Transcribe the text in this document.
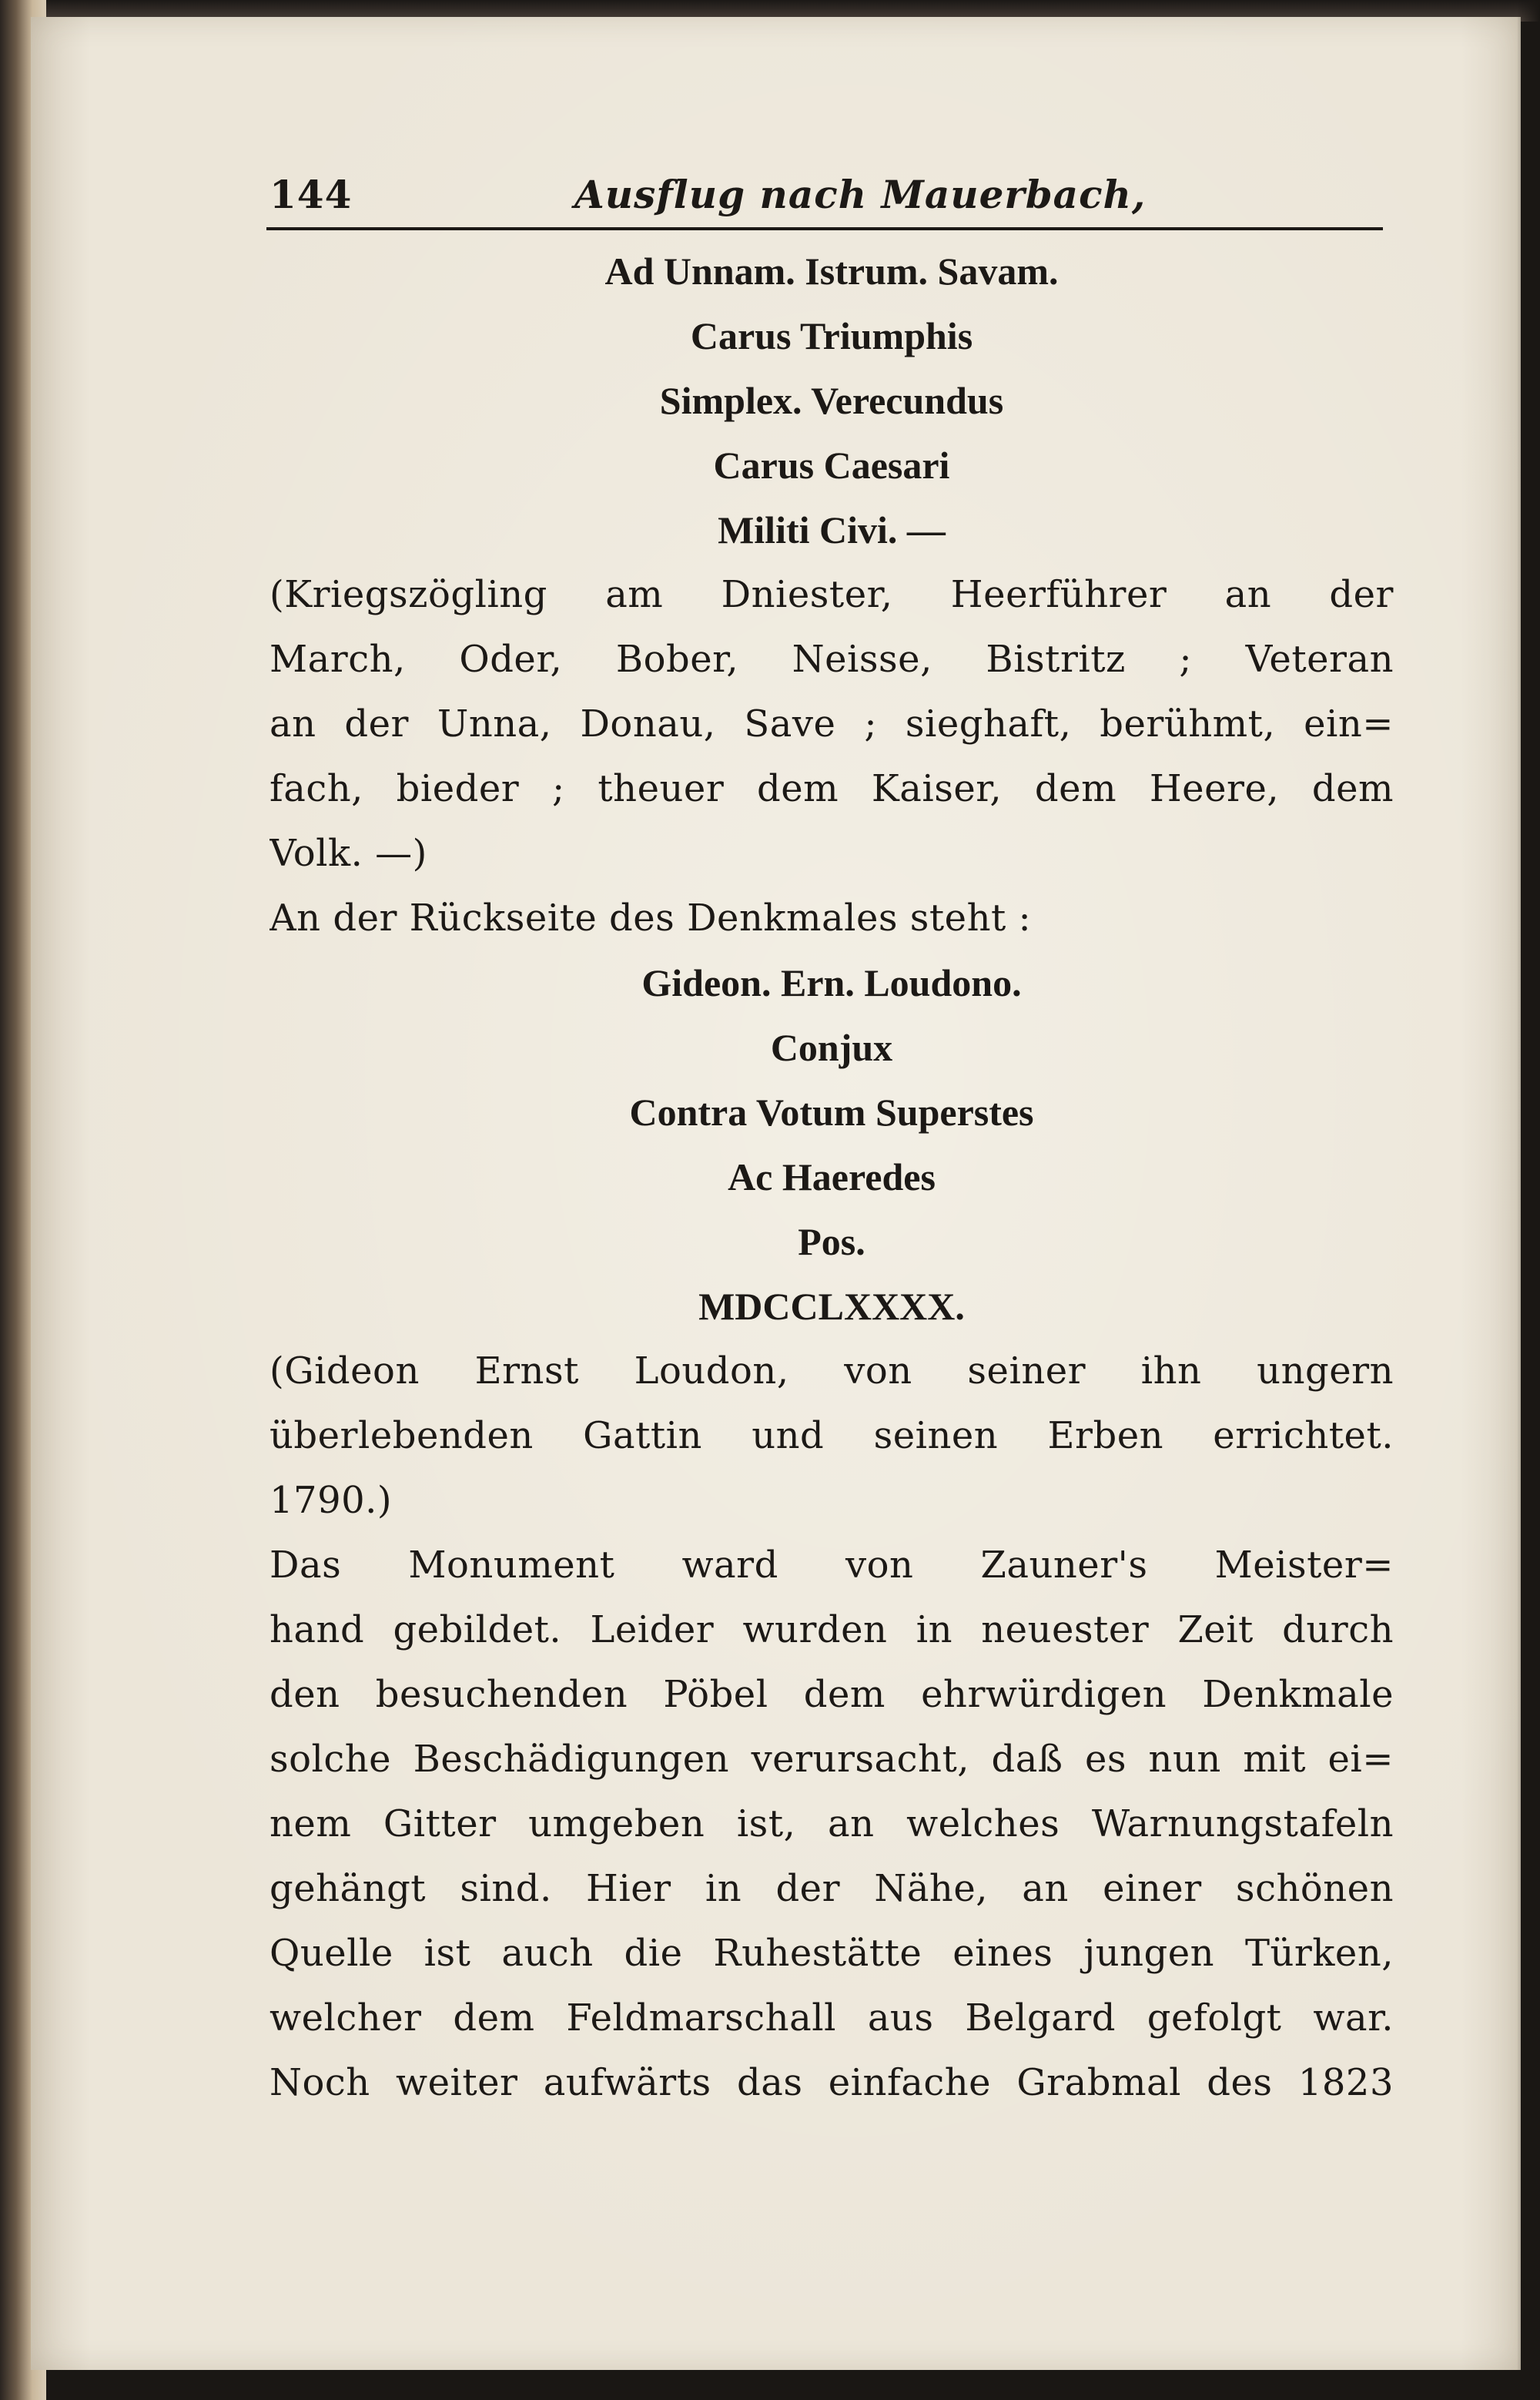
144	Ausflug nach Mauerbach,
Ad Unnam. Istrum. Savam.
Carus Triumphis
Simplex. Verecundus
Carus Caesari
Militi Civi. —
(Kriegszögling am Dniester, Heerführer an der
March, Oder, Bober, Neisse, Bistritz ; Veteran
an der Unna, Donau, Save ; sieghaft, berühmt, ein=
fach, bieder ; theuer dem Kaiser, dem Heere, dem
Volk. —)
An der Rückseite des Denkmales steht :
Gideon. Ern. Loudono.
Conjux
Contra Votum Superstes
Ac Haeredes
Pos.
MDCCLXXXX.
(Gideon Ernst Loudon, von seiner ihn ungern
überlebenden Gattin und seinen Erben errichtet.
1790.)
Das Monument ward von Zauner's Meister=
hand gebildet. Leider wurden in neuester Zeit durch
den besuchenden Pöbel dem ehrwürdigen Denkmale
solche Beschädigungen verursacht, daß es nun mit ei=
nem Gitter umgeben ist, an welches Warnungstafeln
gehängt sind. Hier in der Nähe, an einer schönen
Quelle ist auch die Ruhestätte eines jungen Türken,
welcher dem Feldmarschall aus Belgard gefolgt war.
Noch weiter aufwärts das einfache Grabmal des 1823
